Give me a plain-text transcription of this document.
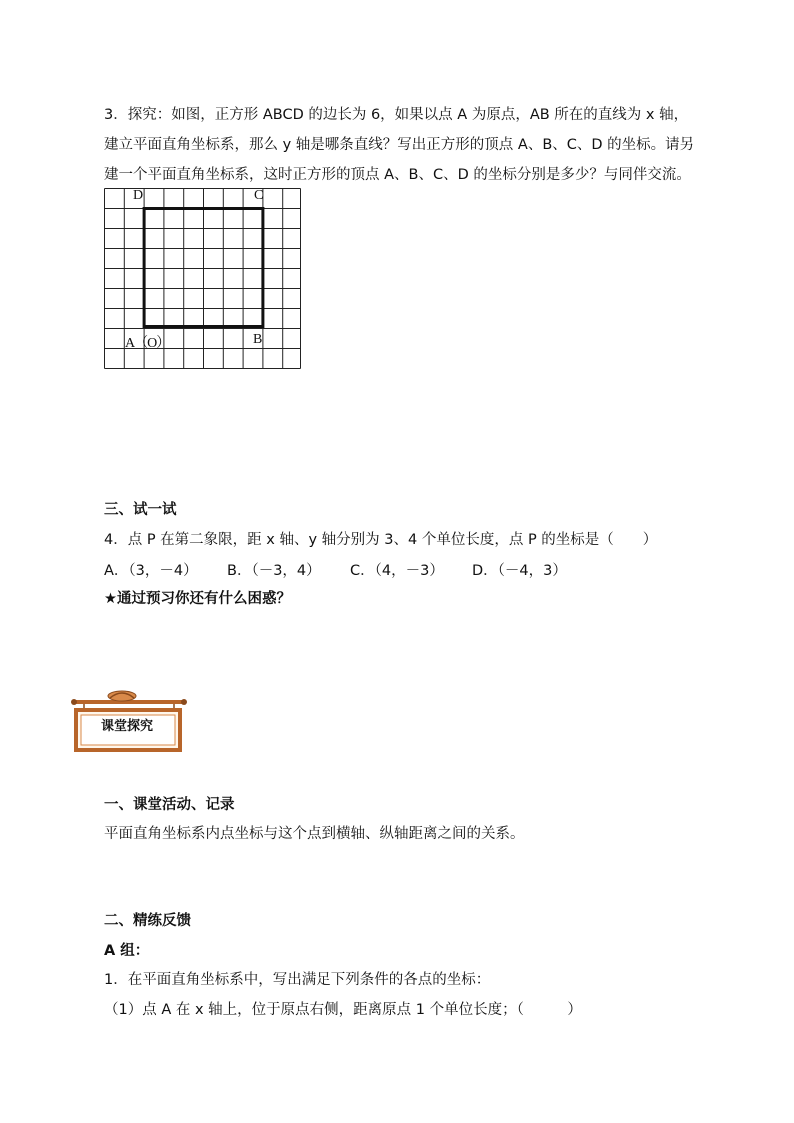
3．探究：如图，正方形 ABCD 的边长为 6，如果以点 A 为原点，AB 所在的直线为 x 轴，
建立平面直角坐标系，那么 y 轴是哪条直线？写出正方形的顶点 A、B、C、D 的坐标。请另
建一个平面直角坐标系，这时正方形的顶点 A、B、C、D 的坐标分别是多少？与同伴交流。
D	C
A（O）	B
三、试一试
4．点 P 在第二象限，距 x 轴、y 轴分别为 3、4 个单位长度，点 P 的坐标是（　　）
A．（3，－4） B．（－3，4） C．（4，－3） D．（－4，3）
★通过预习你还有什么困惑？
课堂探究
一、课堂活动、记录
平面直角坐标系内点坐标与这个点到横轴、纵轴距离之间的关系。
二、精练反馈
A 组：
1．在平面直角坐标系中，写出满足下列条件的各点的坐标：
（1）点 A 在 x 轴上，位于原点右侧，距离原点 1 个单位长度；（　　　）
